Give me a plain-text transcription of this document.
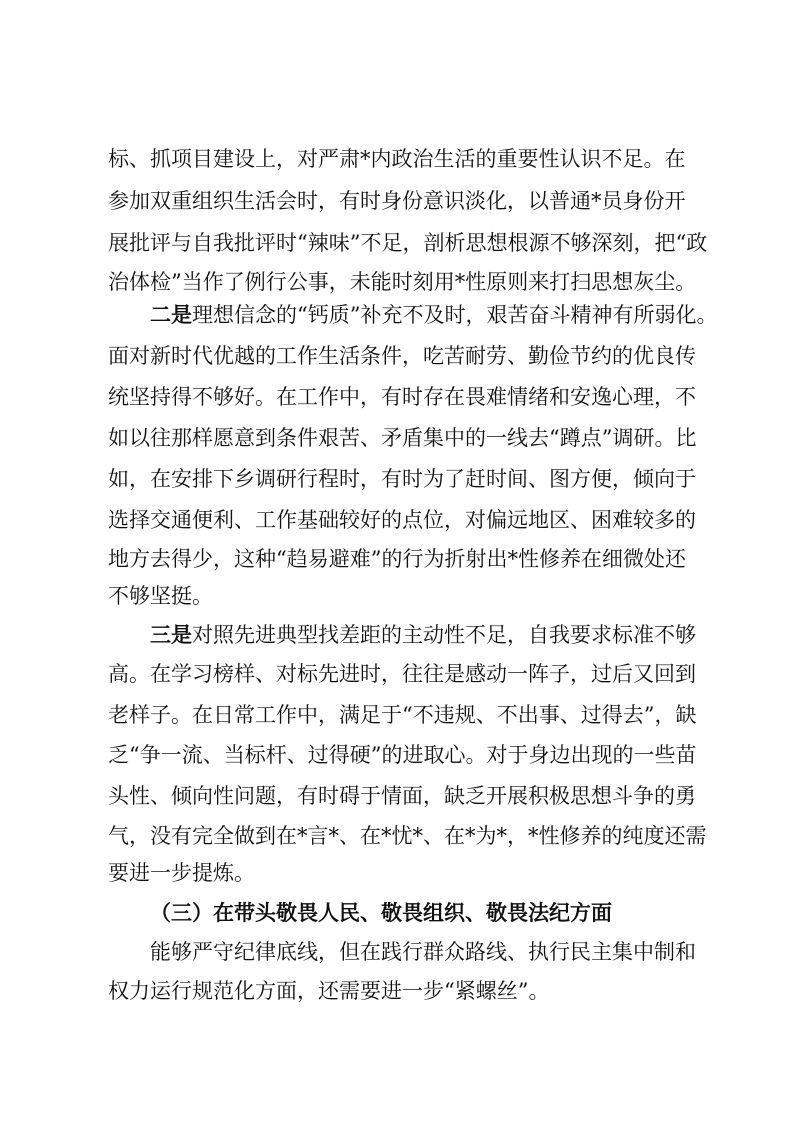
标、抓项目建设上，对严肃*内政治生活的重要性认识不足。在
参加双重组织生活会时，有时身份意识淡化，以普通*员身份开
展批评与自我批评时“辣味”不足，剖析思想根源不够深刻，把“政
治体检”当作了例行公事，未能时刻用*性原则来打扫思想灰尘。
二是理想信念的“钙质”补充不及时，艰苦奋斗精神有所弱化。
面对新时代优越的工作生活条件，吃苦耐劳、勤俭节约的优良传
统坚持得不够好。在工作中，有时存在畏难情绪和安逸心理，不
如以往那样愿意到条件艰苦、矛盾集中的一线去“蹲点”调研。比
如，在安排下乡调研行程时，有时为了赶时间、图方便，倾向于
选择交通便利、工作基础较好的点位，对偏远地区、困难较多的
地方去得少，这种“趋易避难”的行为折射出*性修养在细微处还
不够坚挺。
三是对照先进典型找差距的主动性不足，自我要求标准不够
高。在学习榜样、对标先进时，往往是感动一阵子，过后又回到
老样子。在日常工作中，满足于“不违规、不出事、过得去”，缺
乏“争一流、当标杆、过得硬”的进取心。对于身边出现的一些苗
头性、倾向性问题，有时碍于情面，缺乏开展积极思想斗争的勇
气，没有完全做到在*言*、在*忧*、在*为*，*性修养的纯度还需
要进一步提炼。
（三）在带头敬畏人民、敬畏组织、敬畏法纪方面
能够严守纪律底线，但在践行群众路线、执行民主集中制和
权力运行规范化方面，还需要进一步“紧螺丝”。
